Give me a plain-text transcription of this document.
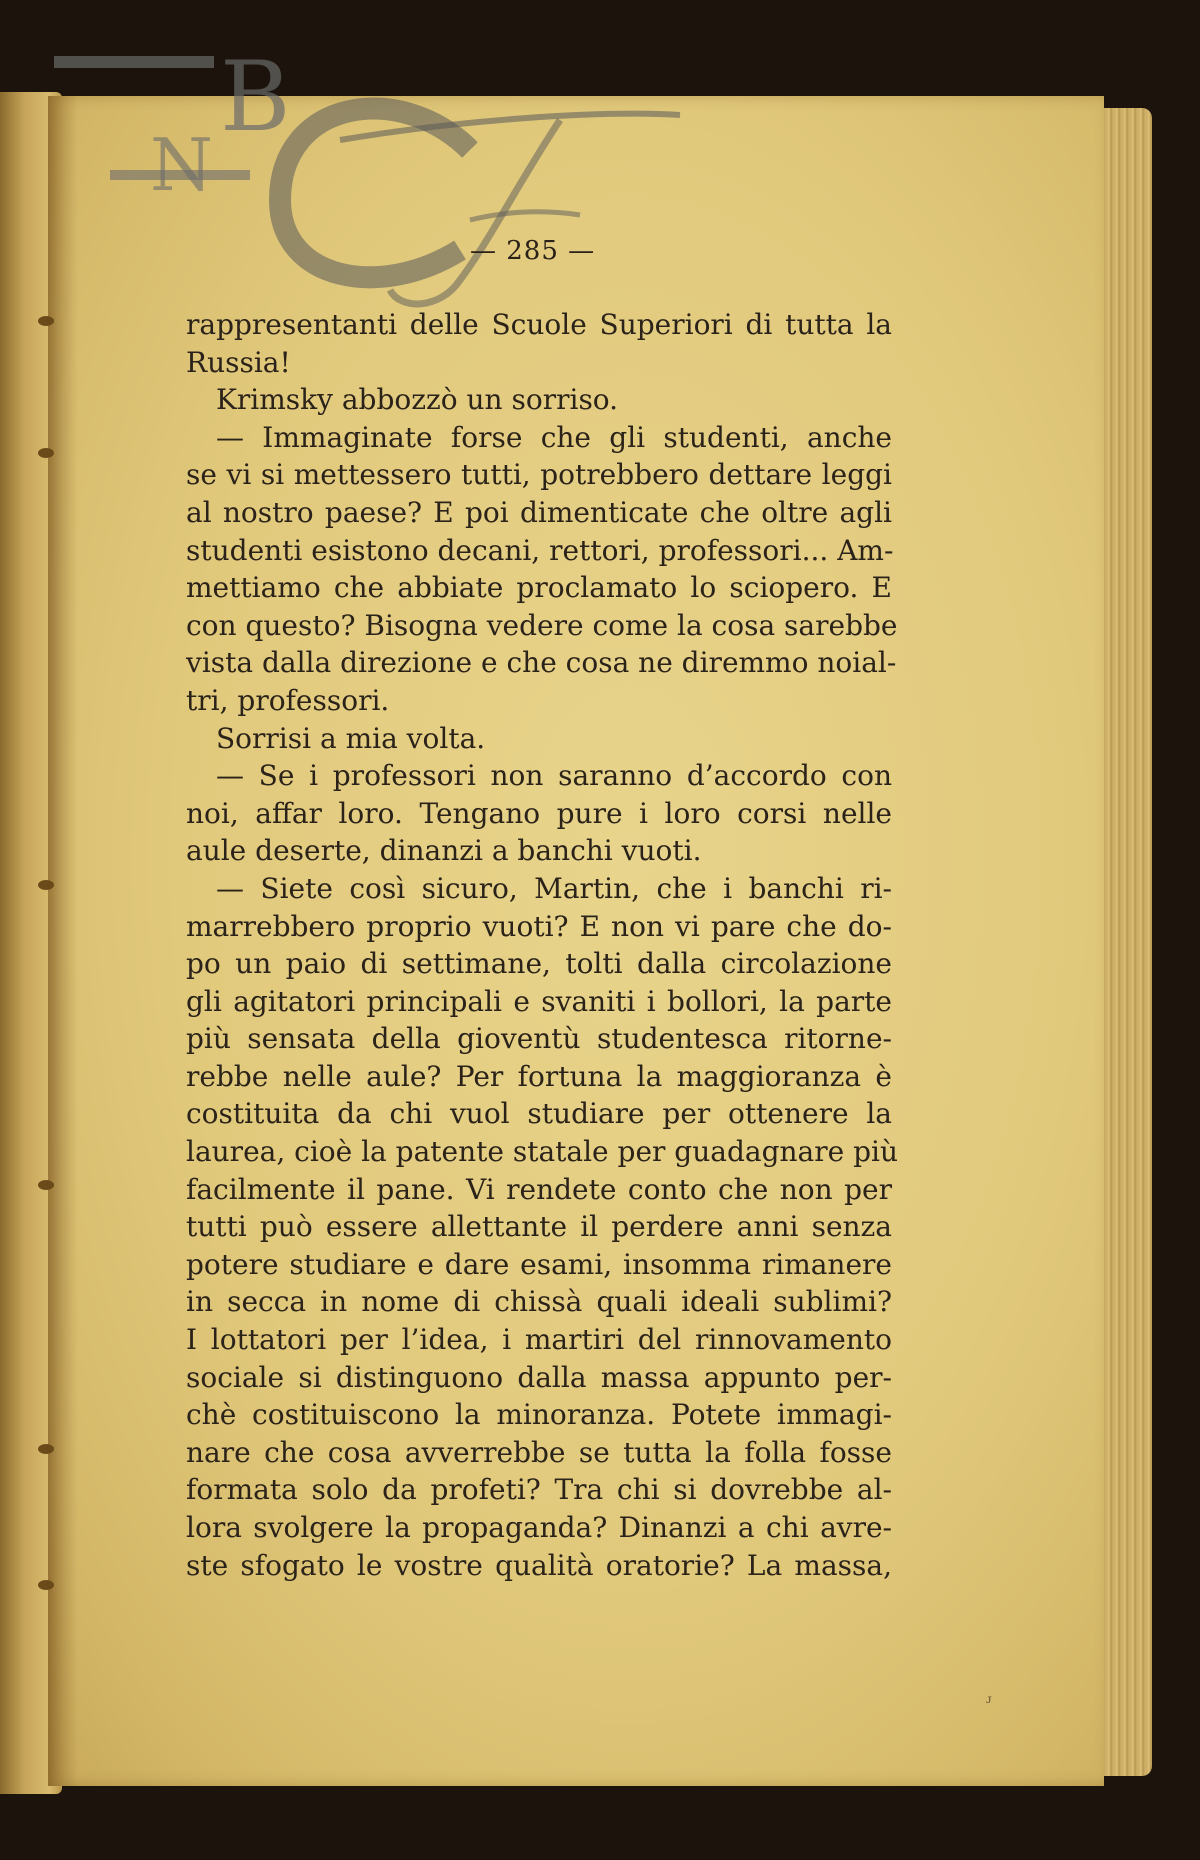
B
N
— 285 —
rappresentanti delle Scuole Superiori di tutta la
Russia!
Krimsky abbozzò un sorriso.
— Immaginate forse che gli studenti, anche
se vi si mettessero tutti, potrebbero dettare leggi
al nostro paese? E poi dimenticate che oltre agli
studenti esistono decani, rettori, professori... Am-
mettiamo che abbiate proclamato lo sciopero. E
con questo? Bisogna vedere come la cosa sarebbe
vista dalla direzione e che cosa ne diremmo noial-
tri, professori.
Sorrisi a mia volta.
— Se i professori non saranno d’accordo con
noi, affar loro. Tengano pure i loro corsi nelle
aule deserte, dinanzi a banchi vuoti.
— Siete così sicuro, Martin, che i banchi ri-
marrebbero proprio vuoti? E non vi pare che do-
po un paio di settimane, tolti dalla circolazione
gli agitatori principali e svaniti i bollori, la parte
più sensata della gioventù studentesca ritorne-
rebbe nelle aule? Per fortuna la maggioranza è
costituita da chi vuol studiare per ottenere la
laurea, cioè la patente statale per guadagnare più
facilmente il pane. Vi rendete conto che non per
tutti può essere allettante il perdere anni senza
potere studiare e dare esami, insomma rimanere
in secca in nome di chissà quali ideali sublimi?
I lottatori per l’idea, i martiri del rinnovamento
sociale si distinguono dalla massa appunto per-
chè costituiscono la minoranza. Potete immagi-
nare che cosa avverrebbe se tutta la folla fosse
formata solo da profeti? Tra chi si dovrebbe al-
lora svolgere la propaganda? Dinanzi a chi avre-
ste sfogato le vostre qualità oratorie? La massa,
ᴊ
